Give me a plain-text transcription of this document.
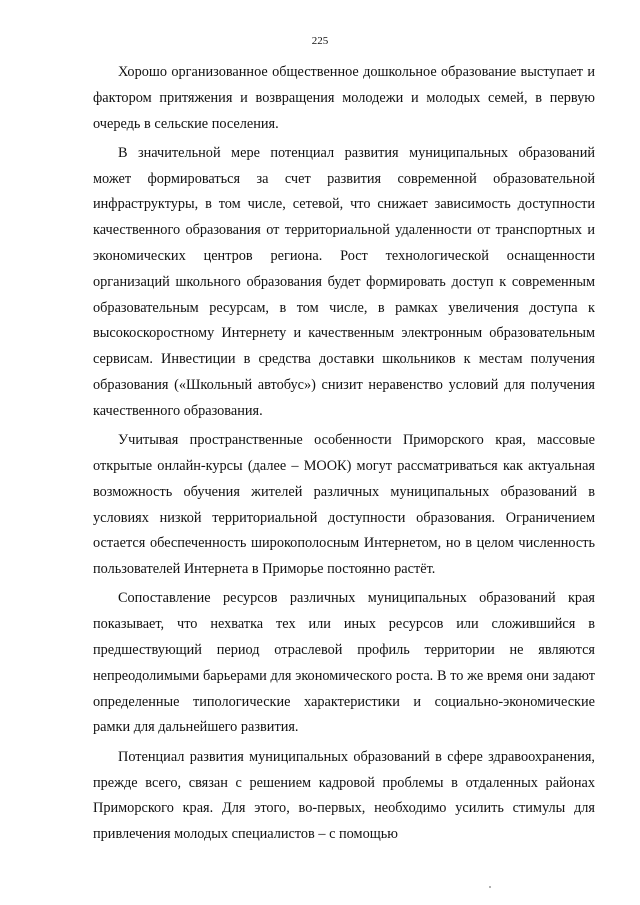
225

Хорошо организованное общественное дошкольное образование выступает и фактором притяжения и возвращения молодежи и молодых семей, в первую очередь в сельские поселения.

В значительной мере потенциал развития муниципальных образований может формироваться за счет развития современной образовательной инфраструктуры, в том числе, сетевой, что снижает зависимость доступности качественного образования от территориальной удаленности от транспортных и экономических центров региона. Рост технологической оснащенности организаций школьного образования будет формировать доступ к современным образовательным ресурсам, в том числе, в рамках увеличения доступа к высокоскоростному Интернету и качественным электронным образовательным сервисам. Инвестиции в средства доставки школьников к местам получения образования («Школьный автобус») снизит неравенство условий для получения качественного образования.

Учитывая пространственные особенности Приморского края, массовые открытые онлайн-курсы (далее – МООК) могут рассматриваться как актуальная возможность обучения жителей различных муниципальных образований в условиях низкой территориальной доступности образования. Ограничением остается обеспеченность широкополосным Интернетом, но в целом численность пользователей Интернета в Приморье постоянно растёт.

Сопоставление ресурсов различных муниципальных образований края показывает, что нехватка тех или иных ресурсов или сложившийся в предшествующий период отраслевой профиль территории не являются непреодолимыми барьерами для экономического роста. В то же время они задают определенные типологические характеристики и социально-экономические рамки для дальнейшего развития.

Потенциал развития муниципальных образований в сфере здравоохранения, прежде всего, связан с решением кадровой проблемы в отдаленных районах Приморского края. Для этого, во-первых, необходимо усилить стимулы для привлечения молодых специалистов – с помощью
